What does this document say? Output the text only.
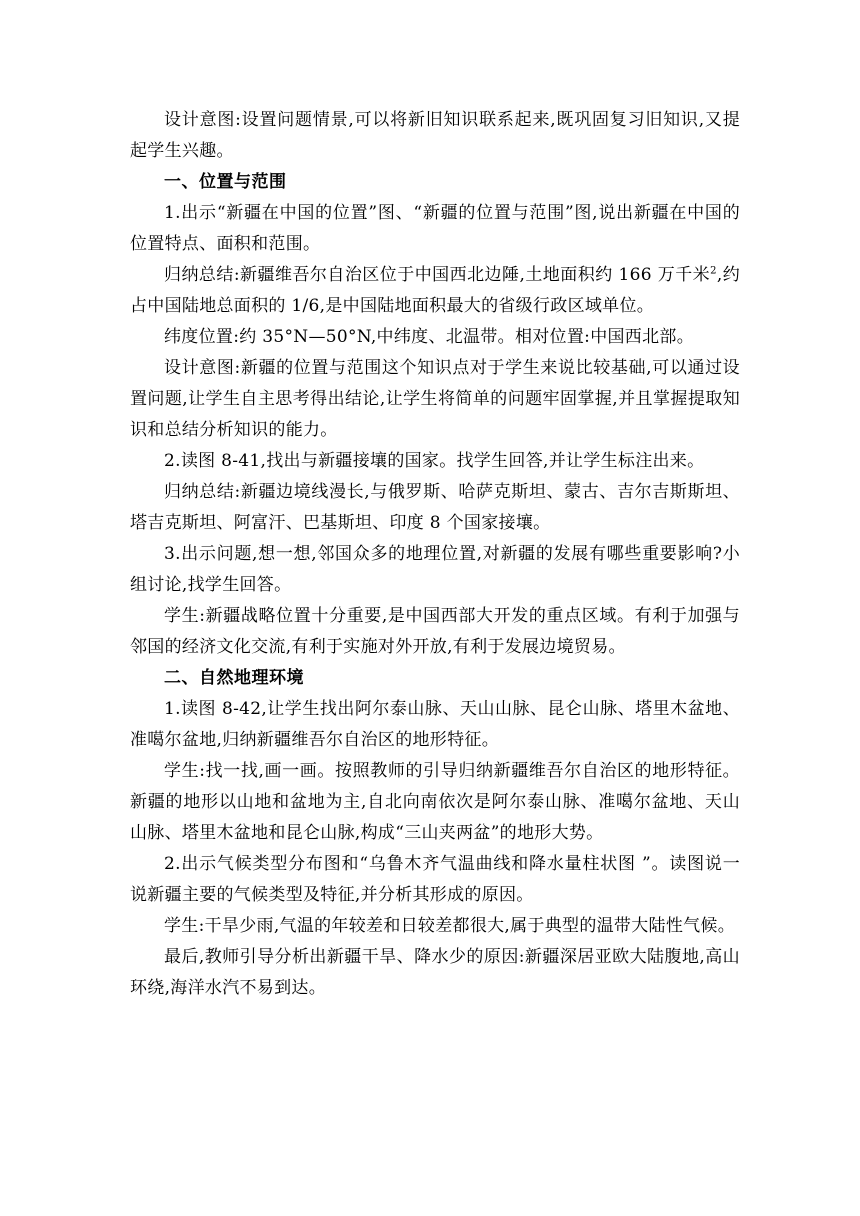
设计意图:设置问题情景,可以将新旧知识联系起来,既巩固复习旧知识,又提起学生兴趣。

一、位置与范围

1.出示“新疆在中国的位置”图、“新疆的位置与范围”图,说出新疆在中国的位置特点、面积和范围。

归纳总结:新疆维吾尔自治区位于中国西北边陲,土地面积约 166 万千米$^2$,约占中国陆地总面积的 1/6,是中国陆地面积最大的省级行政区域单位。

纬度位置:约 35°N—50°N,中纬度、北温带。相对位置:中国西北部。

设计意图:新疆的位置与范围这个知识点对于学生来说比较基础,可以通过设置问题,让学生自主思考得出结论,让学生将简单的问题牢固掌握,并且掌握提取知识和总结分析知识的能力。

2.读图 8-41,找出与新疆接壤的国家。找学生回答,并让学生标注出来。

归纳总结:新疆边境线漫长,与俄罗斯、哈萨克斯坦、蒙古、吉尔吉斯斯坦、塔吉克斯坦、阿富汗、巴基斯坦、印度 8 个国家接壤。

3.出示问题,想一想,邻国众多的地理位置,对新疆的发展有哪些重要影响?小组讨论,找学生回答。

学生:新疆战略位置十分重要,是中国西部大开发的重点区域。有利于加强与邻国的经济文化交流,有利于实施对外开放,有利于发展边境贸易。

二、自然地理环境

1.读图 8-42,让学生找出阿尔泰山脉、天山山脉、昆仑山脉、塔里木盆地、准噶尔盆地,归纳新疆维吾尔自治区的地形特征。

学生:找一找,画一画。按照教师的引导归纳新疆维吾尔自治区的地形特征。新疆的地形以山地和盆地为主,自北向南依次是阿尔泰山脉、准噶尔盆地、天山山脉、塔里木盆地和昆仑山脉,构成“三山夹两盆”的地形大势。

2.出示气候类型分布图和“乌鲁木齐气温曲线和降水量柱状图 ”。读图说一说新疆主要的气候类型及特征,并分析其形成的原因。

学生:干旱少雨,气温的年较差和日较差都很大,属于典型的温带大陆性气候。

最后,教师引导分析出新疆干旱、降水少的原因:新疆深居亚欧大陆腹地,高山环绕,海洋水汽不易到达。
